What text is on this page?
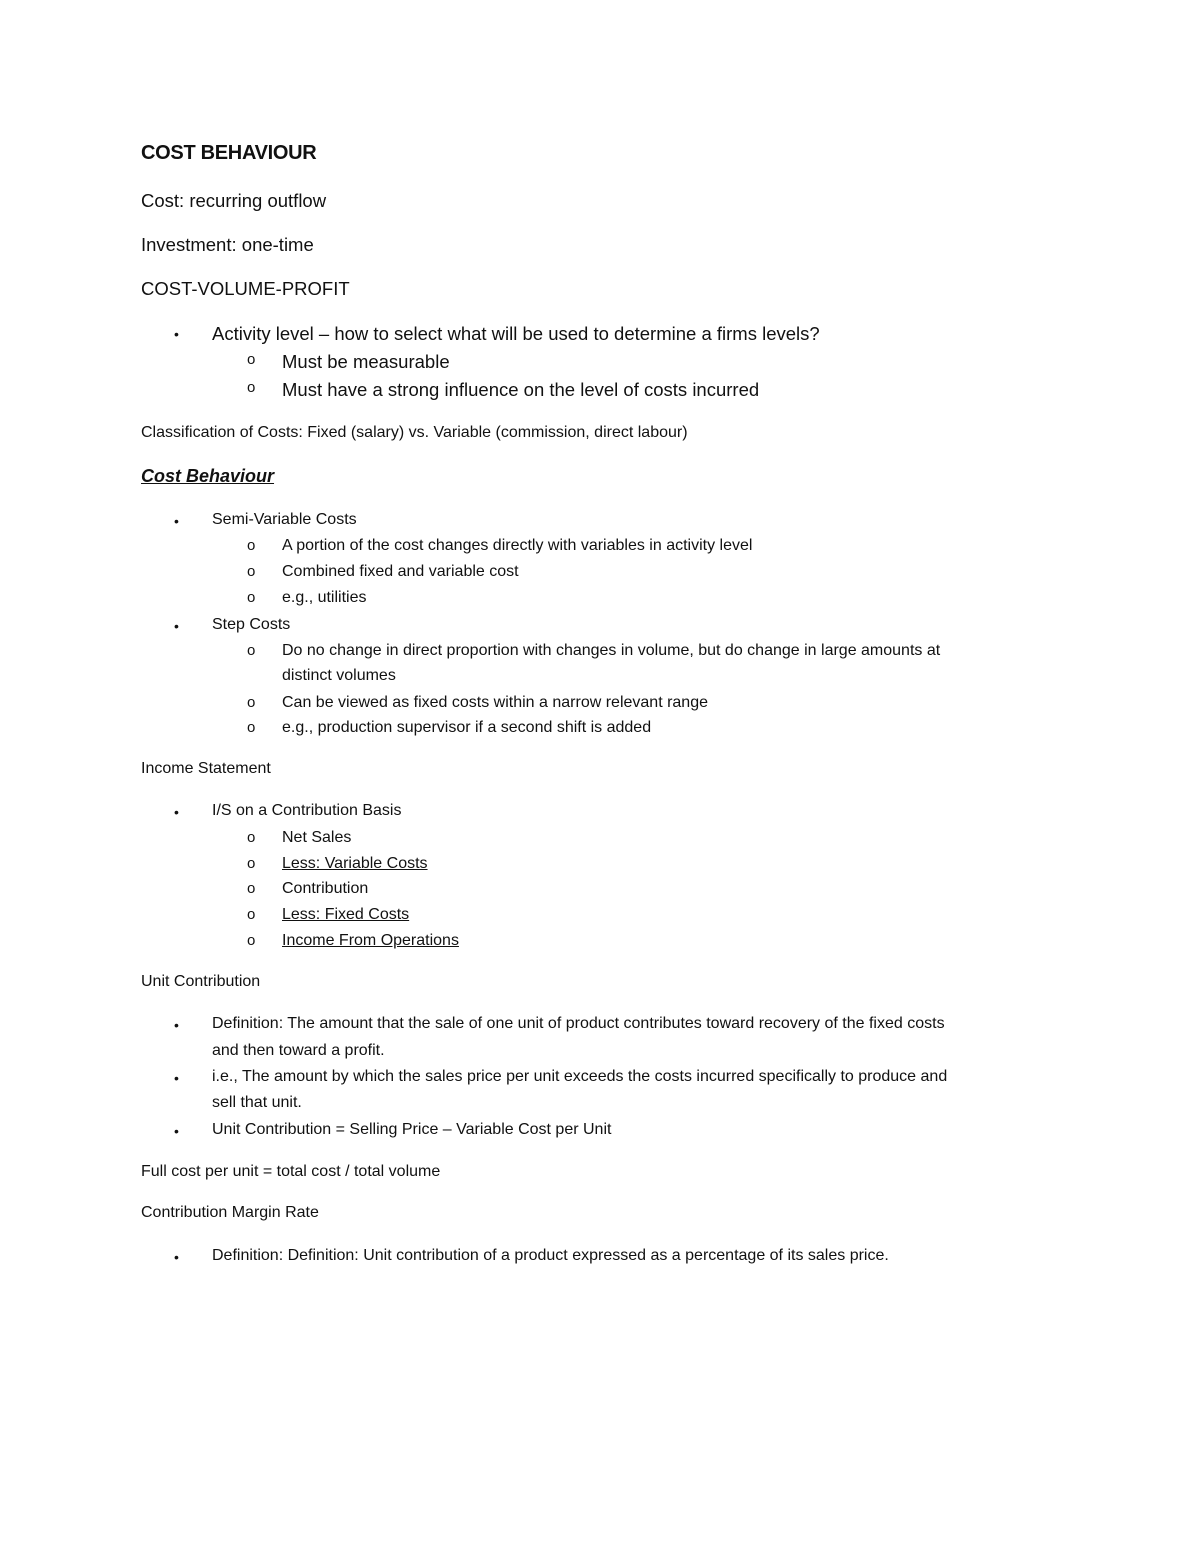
COST BEHAVIOUR

Cost: recurring outflow

Investment: one-time

COST-VOLUME-PROFIT

• Activity level – how to select what will be used to determine a firms levels?

o Must be measurable

o Must have a strong influence on the level of costs incurred

Classification of Costs: Fixed (salary) vs. Variable (commission, direct labour)

Cost Behaviour

• Semi-Variable Costs

o A portion of the cost changes directly with variables in activity level

o Combined fixed and variable cost

o e.g., utilities

• Step Costs

o Do no change in direct proportion with changes in volume, but do change in large amounts at

distinct volumes

o Can be viewed as fixed costs within a narrow relevant range

o e.g., production supervisor if a second shift is added

Income Statement

• I/S on a Contribution Basis

o Net Sales

o Less: Variable Costs

o Contribution

o Less: Fixed Costs

o Income From Operations

Unit Contribution

• Definition: The amount that the sale of one unit of product contributes toward recovery of the fixed costs

and then toward a profit.

• i.e., The amount by which the sales price per unit exceeds the costs incurred specifically to produce and

sell that unit.

• Unit Contribution = Selling Price – Variable Cost per Unit

Full cost per unit = total cost / total volume

Contribution Margin Rate

• Definition: Definition: Unit contribution of a product expressed as a percentage of its sales price.
